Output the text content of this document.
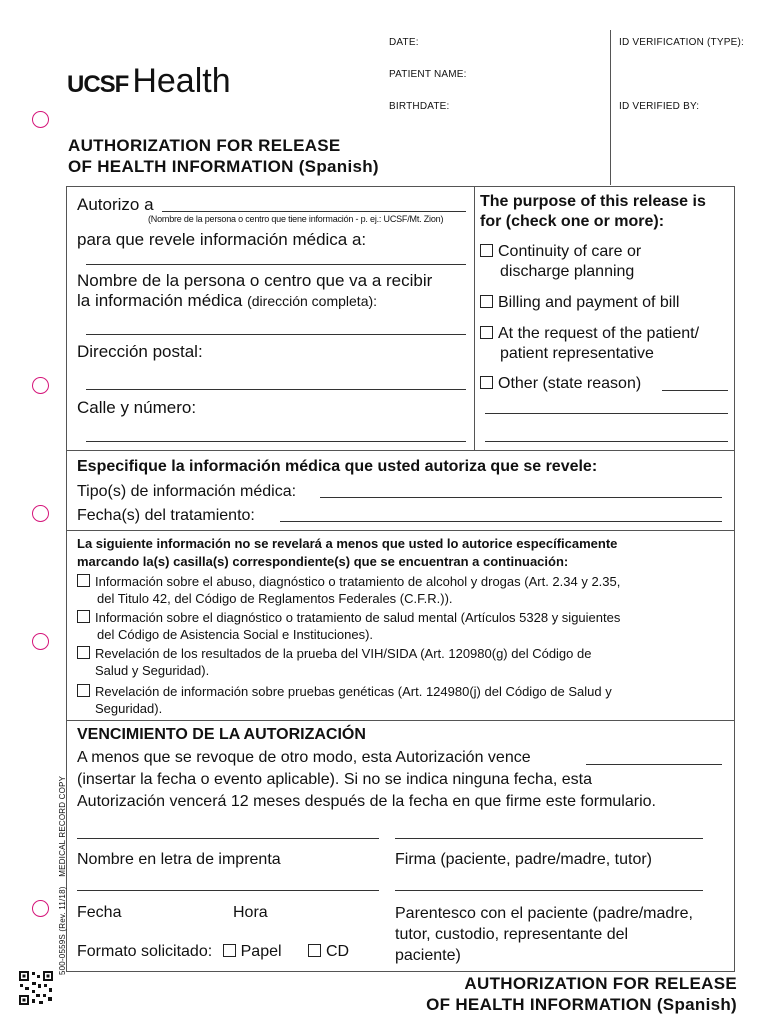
UCSF Health
DATE:	ID VERIFICATION (TYPE):
PATIENT NAME:
BIRTHDATE:	ID VERIFIED BY:
AUTHORIZATION FOR RELEASE
OF HEALTH INFORMATION (Spanish)
Autorizo a
(Nombre de la persona o centro que tiene información - p. ej.: UCSF/Mt. Zion)
para que revele información médica a:
Nombre de la persona o centro que va a recibir
la información médica (dirección completa):
Dirección postal:
Calle y número:
The purpose of this release is
for (check one or more):
Continuity of care or
discharge planning
Billing and payment of bill
At the request of the patient/
patient representative
Other (state reason)
Especifique la información médica que usted autoriza que se revele:
Tipo(s) de información médica:
Fecha(s) del tratamiento:
La siguiente información no se revelará a menos que usted lo autorice específicamente
marcando la(s) casilla(s) correspondiente(s) que se encuentran a continuación:
Información sobre el abuso, diagnóstico o tratamiento de alcohol y drogas (Art. 2.34 y 2.35,
del Titulo 42, del Código de Reglamentos Federales (C.F.R.)).
Información sobre el diagnóstico o tratamiento de salud mental (Artículos 5328 y siguientes
del Código de Asistencia Social e Instituciones).
Revelación de los resultados de la prueba del VIH/SIDA (Art. 120980(g) del Código de
Salud y Seguridad).
Revelación de información sobre pruebas genéticas (Art. 124980(j) del Código de Salud y
Seguridad).
VENCIMIENTO DE LA AUTORIZACIÓN
A menos que se revoque de otro modo, esta Autorización vence
(insertar la fecha o evento aplicable). Si no se indica ninguna fecha, esta
Autorización vencerá 12 meses después de la fecha en que firme este formulario.
Nombre en letra de imprenta	Firma (paciente, padre/madre, tutor)
Fecha	Hora	Parentesco con el paciente (padre/madre,
tutor, custodio, representante del
paciente)
Formato solicitado: Papel	CD
500-0559S (Rev. 11/18)    MEDICAL RECORD COPY
AUTHORIZATION FOR RELEASE
OF HEALTH INFORMATION (Spanish)
